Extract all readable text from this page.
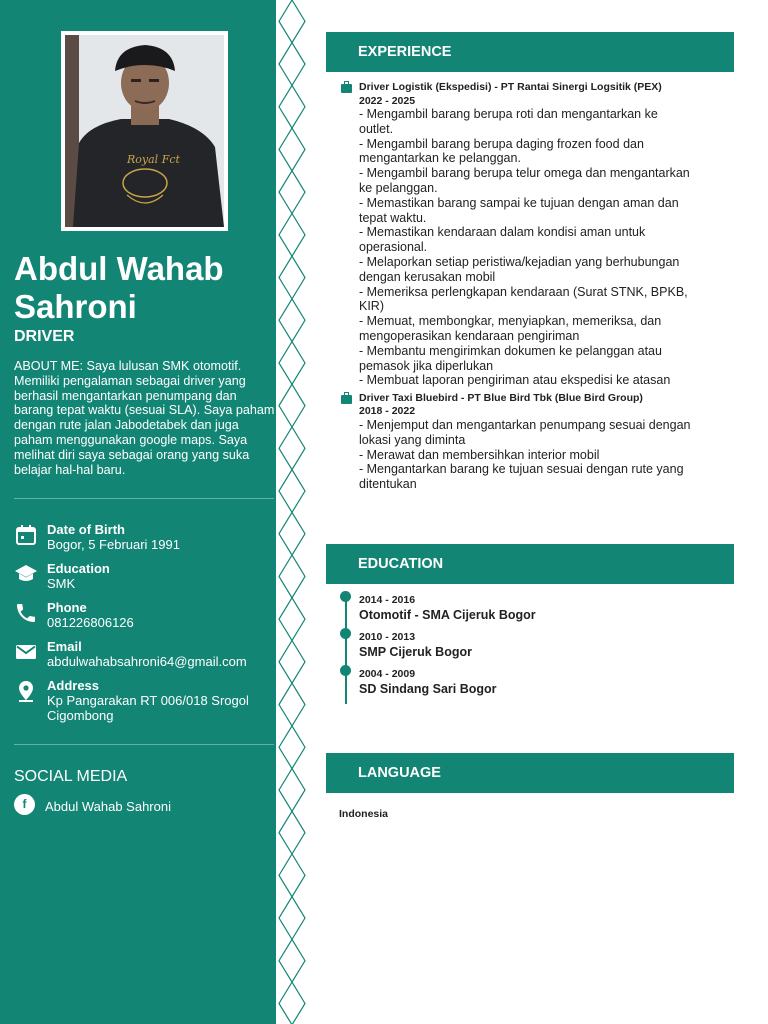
Royal Fct
Abdul Wahab Sahroni
DRIVER

ABOUT ME: Saya lulusan SMK otomotif. Memiliki pengalaman sebagai driver yang berhasil mengantarkan penumpang dan barang tepat waktu (sesuai SLA). Saya paham dengan rute jalan Jabodetabek dan juga paham menggunakan google maps. Saya melihat diri saya sebagai orang yang suka belajar hal-hal baru.

Date of Birth
Bogor, 5 Februari 1991
Education
SMK
Phone
081226806126
Email
abdulwahabsahroni64@gmail.com
Address
Kp Pangarakan RT 006/018 Srogol Cigombong
SOCIAL MEDIA
f	Abdul Wahab Sahroni
EXPERIENCE
Driver Logistik (Ekspedisi) - PT Rantai Sinergi Logsitik (PEX)
2022 - 2025
- Mengambil barang berupa roti dan mengantarkan ke
outlet.
- Mengambil barang berupa daging frozen food dan
mengantarkan ke pelanggan.
- Mengambil barang berupa telur omega dan mengantarkan
ke pelanggan.
- Memastikan barang sampai ke tujuan dengan aman dan
tepat waktu.
- Memastikan kendaraan dalam kondisi aman untuk
operasional.
- Melaporkan setiap peristiwa/kejadian yang berhubungan
dengan kerusakan mobil
- Memeriksa perlengkapan kendaraan (Surat STNK, BPKB,
KIR)
- Memuat, membongkar, menyiapkan, memeriksa, dan
mengoperasikan kendaraan pengiriman
- Membantu mengirimkan dokumen ke pelanggan atau
pemasok jika diperlukan
- Membuat laporan pengiriman atau ekspedisi ke atasan
Driver Taxi Bluebird - PT Blue Bird Tbk (Blue Bird Group)
2018 - 2022
- Menjemput dan mengantarkan penumpang sesuai dengan
lokasi yang diminta
- Merawat dan membersihkan interior mobil
- Mengantarkan barang ke tujuan sesuai dengan rute yang
ditentukan
EDUCATION
2014 - 2016
Otomotif - SMA Cijeruk Bogor
2010 - 2013
SMP Cijeruk Bogor
2004 - 2009
SD Sindang Sari Bogor
LANGUAGE
Indonesia
